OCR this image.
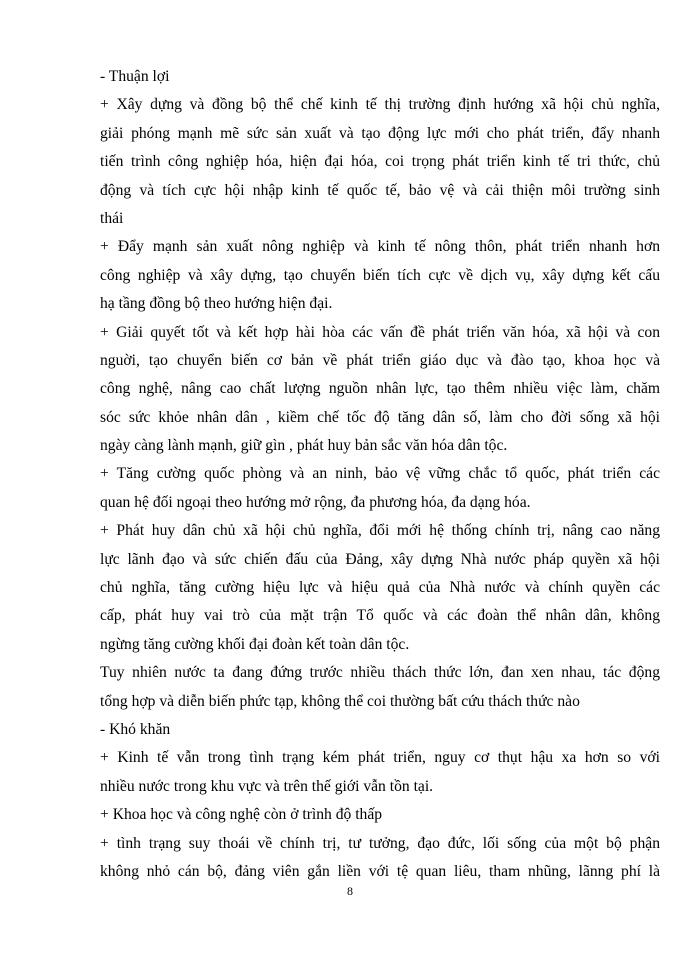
- Thuận lợi
+ Xây dựng và đồng bộ thể chế kinh tế thị trường định hướng xã hội chủ nghĩa,
giải phóng mạnh mẽ sức sản xuất và tạo động lực mới cho phát triển, đẩy nhanh
tiến trình công nghiệp hóa, hiện đại hóa, coi trọng phát triển kinh tế tri thức, chủ
động và tích cực hội nhập kinh tế quốc tế, bảo vệ và cải thiện môi trường sinh
thái
+ Đẩy mạnh sản xuất nông nghiệp và kinh tế nông thôn, phát triển nhanh hơn
công nghiệp và xây dựng, tạo chuyển biến tích cực về dịch vụ, xây dựng kết cấu
hạ tầng đồng bộ theo hướng hiện đại.
+ Giải quyết tốt và kết hợp hài hòa các vấn đề phát triển văn hóa, xã hội và con
nguời, tạo chuyển biến cơ bản về phát triển giáo dục và đào tạo, khoa học và
công nghệ, nâng cao chất lượng nguồn nhân lực, tạo thêm nhiều việc làm, chăm
sóc sức khỏe nhân dân , kiềm chế tốc độ tăng dân số, làm cho đời sống xã hội
ngày càng lành mạnh, giữ gìn , phát huy bản sắc văn hóa dân tộc.
+ Tăng cường quốc phòng và an ninh, bảo vệ vững chắc tổ quốc, phát triển các
quan hệ đối ngoại theo hướng mở rộng, đa phương hóa, đa dạng hóa.
+ Phát huy dân chủ xã hội chủ nghĩa, đổi mới hệ thống chính trị, nâng cao năng
lực lãnh đạo và sức chiến đấu của Đảng, xây dựng Nhà nước pháp quyền xã hội
chủ nghĩa, tăng cường hiệu lực và hiệu quả của Nhà nước và chính quyền các
cấp, phát huy vai trò của mặt trận Tổ quốc và các đoàn thể nhân dân, không
ngừng tăng cường khối đại đoàn kết toàn dân tộc.
Tuy nhiên nước ta đang đứng trước nhiều thách thức lớn, đan xen nhau, tác động
tổng hợp và diễn biến phức tạp, không thể coi thường bất cứu thách thức nào
- Khó khăn
+ Kinh tế vẫn trong tình trạng kém phát triển, nguy cơ thụt hậu xa hơn so với
nhiều nước trong khu vực và trên thế giới vẫn tồn tại.
+ Khoa học và công nghệ còn ở trình độ thấp
+ tình trạng suy thoái về chính trị, tư tưởng, đạo đức, lối sống của một bộ phận
không nhỏ cán bộ, đảng viên gắn liền với tệ quan liêu, tham nhũng, lãnng phí là
8
